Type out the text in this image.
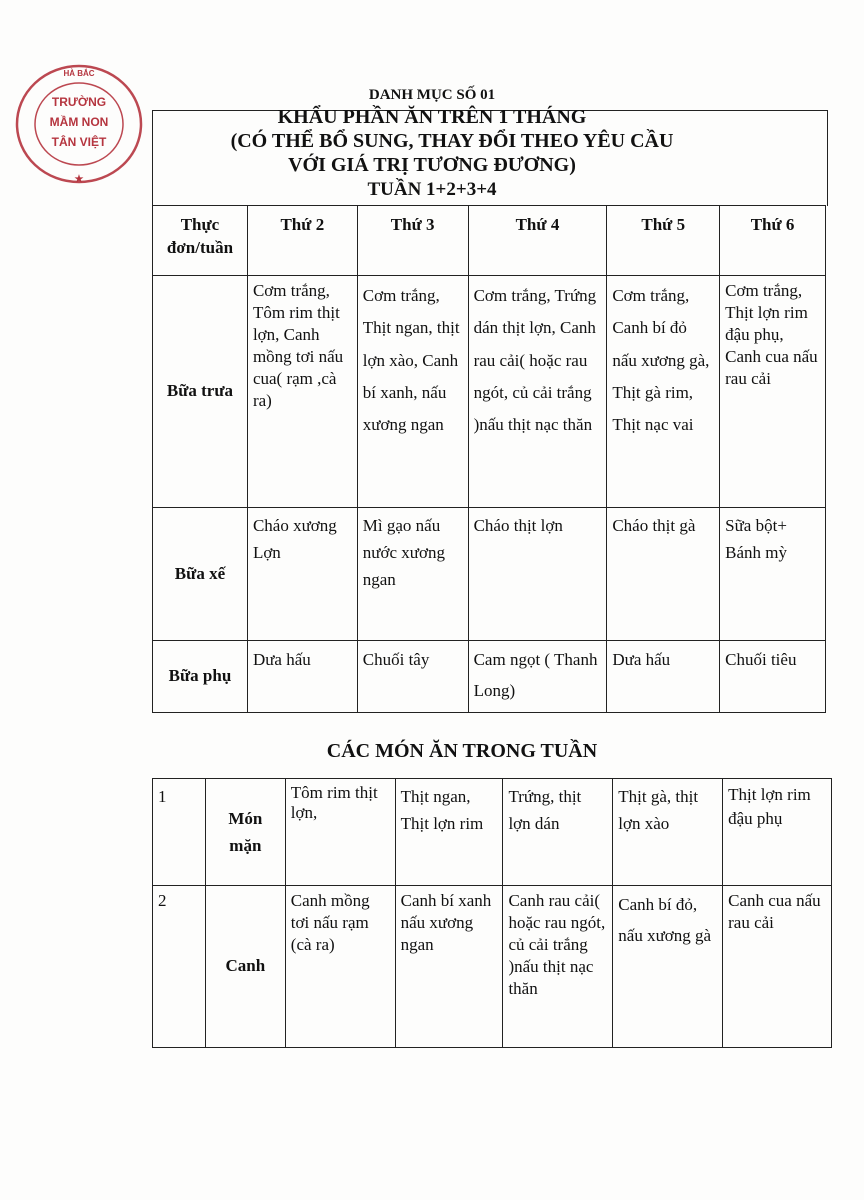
DANH MỤC SỐ 01
KHẨU PHẦN ĂN TRÊN 1 THÁNG
(CÓ THỂ BỔ SUNG, THAY ĐỔI THEO YÊU CẦU
VỚI GIÁ TRỊ TƯƠNG ĐƯƠNG)
TUẦN 1+2+3+4
HÀ BẮC
★
TRƯỜNG
MẦM NON
TÂN VIỆT
Thực đơn/tuần	Thứ 2	Thứ 3	Thứ 4	Thứ 5	Thứ 6
Bữa trưa	Cơm trắng, Tôm rim thịt lợn, Canh mồng tơi nấu cua( rạm ,cà ra)	Cơm trắng, Thịt ngan, thịt lợn xào, Canh bí xanh, nấu xương ngan	Cơm trắng, Trứng dán thịt lợn, Canh rau cải( hoặc rau ngót, củ cải trắng )nấu thịt nạc thăn	Cơm trắng, Canh bí đỏ nấu xương gà, Thịt gà rim, Thịt nạc vai	Cơm trắng, Thịt lợn rim đậu phụ, Canh cua nấu rau cải
Bữa xế	Cháo xương Lợn	Mì gạo nấu nước xương ngan	Cháo thịt lợn	Cháo thịt gà	Sữa bột+ Bánh mỳ
Bữa phụ	Dưa hấu	Chuối tây	Cam ngọt ( Thanh Long)	Dưa hấu	Chuối tiêu
CÁC MÓN ĂN TRONG TUẦN
1	Món mặn	Tôm rim thịt lợn,	Thịt ngan, Thịt lợn rim	Trứng, thịt lợn dán	Thịt gà, thịt lợn xào	Thịt lợn rim đậu phụ
2	Canh	Canh mồng tơi nấu rạm (cà ra)	Canh bí xanh nấu xương ngan	Canh rau cải( hoặc rau ngót, củ cải trắng )nấu thịt nạc thăn	Canh bí đỏ, nấu xương gà	Canh cua nấu rau cải
